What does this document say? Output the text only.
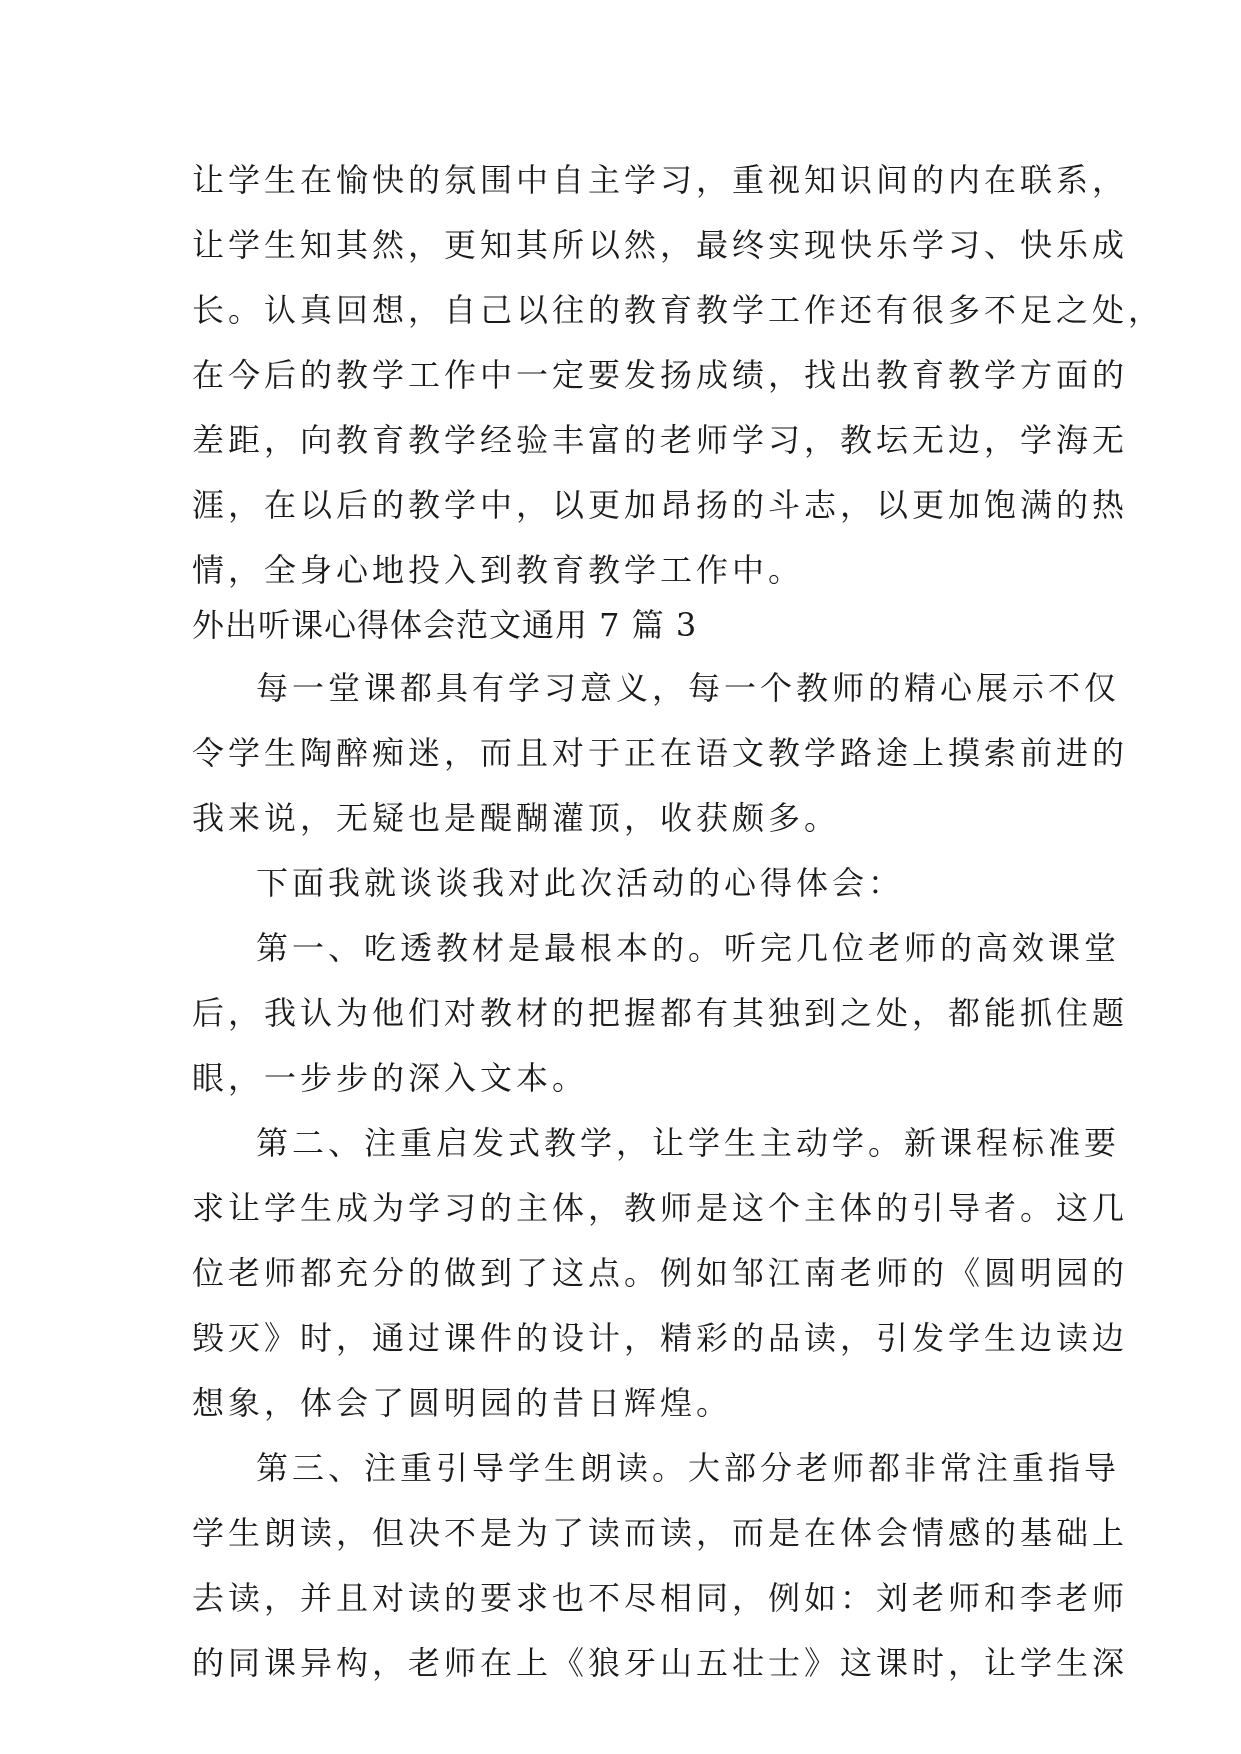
让学生在愉快的氛围中自主学习，重视知识间的内在联系，
让学生知其然，更知其所以然，最终实现快乐学习、快乐成
长。认真回想，自己以往的教育教学工作还有很多不足之处，
在今后的教学工作中一定要发扬成绩，找出教育教学方面的
差距，向教育教学经验丰富的老师学习，教坛无边，学海无
涯，在以后的教学中，以更加昂扬的斗志，以更加饱满的热
情，全身心地投入到教育教学工作中。
外出听课心得体会范文通用 7 篇 3
每一堂课都具有学习意义，每一个教师的精心展示不仅
令学生陶醉痴迷，而且对于正在语文教学路途上摸索前进的
我来说，无疑也是醍醐灌顶，收获颇多。
下面我就谈谈我对此次活动的心得体会：
第一、吃透教材是最根本的。听完几位老师的高效课堂
后，我认为他们对教材的把握都有其独到之处，都能抓住题
眼，一步步的深入文本。
第二、注重启发式教学，让学生主动学。新课程标准要
求让学生成为学习的主体，教师是这个主体的引导者。这几
位老师都充分的做到了这点。例如邹江南老师的《圆明园的
毁灭》时，通过课件的设计，精彩的品读，引发学生边读边
想象，体会了圆明园的昔日辉煌。
第三、注重引导学生朗读。大部分老师都非常注重指导
学生朗读，但决不是为了读而读，而是在体会情感的基础上
去读，并且对读的要求也不尽相同，例如：刘老师和李老师
的同课异构，老师在上《狼牙山五壮士》这课时，让学生深
